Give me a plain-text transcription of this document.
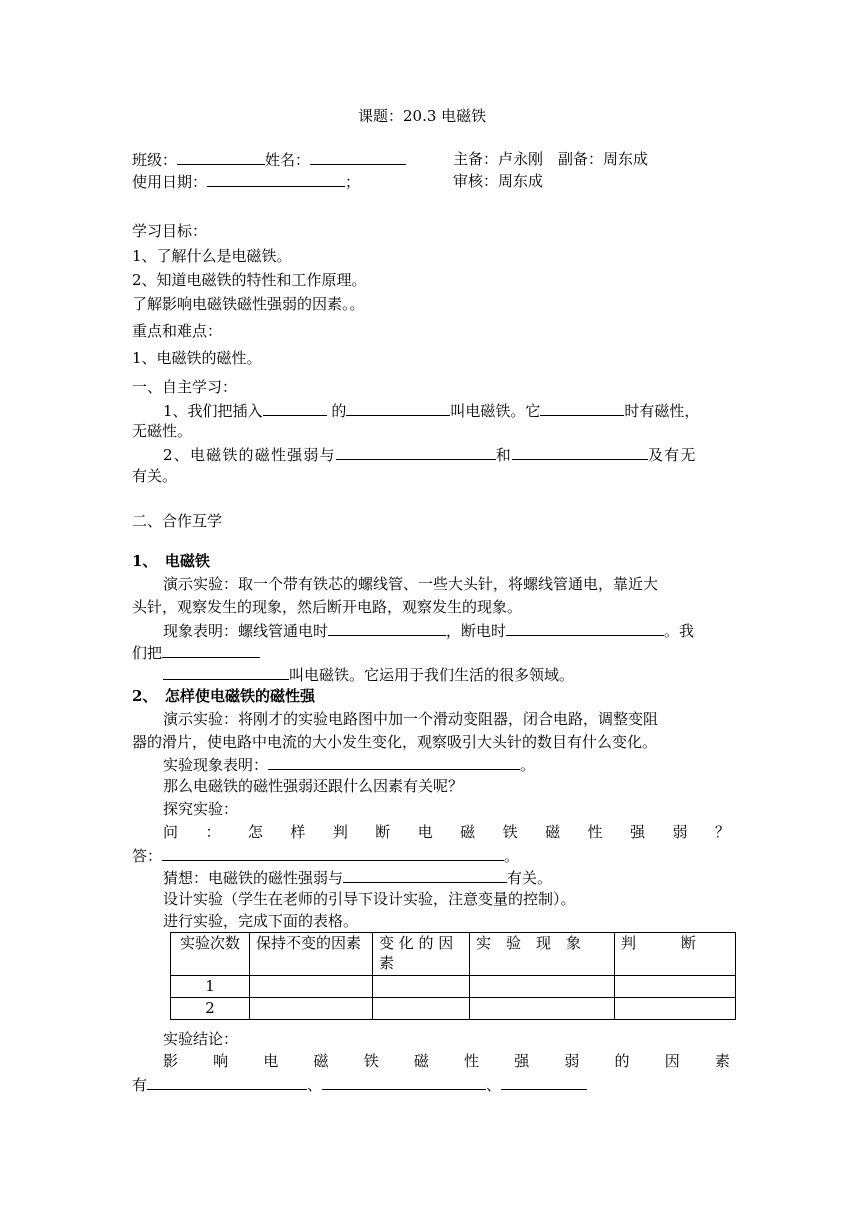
课题：20.3 电磁铁
班级：	姓名：	主备：卢永刚　副备：周东成
使用日期：	；	审核：周东成
学习目标：
1、了解什么是电磁铁。
2、知道电磁铁的特性和工作原理。
了解影响电磁铁磁性强弱的因素。。
重点和难点：
1、电磁铁的磁性。
一、自主学习：
1、我们把插入	的	叫电磁铁。它	时有磁性，
无磁性。
2、电磁铁的磁性强弱与	和	及有无
有关。
二、合作互学
1、　电磁铁
演示实验：取一个带有铁芯的螺线管、一些大头针，将螺线管通电，靠近大
头针，观察发生的现象，然后断开电路，观察发生的现象。
现象表明：螺线管通电时	，断电时	。我
们把
叫电磁铁。它运用于我们生活的很多领域。
2、　怎样使电磁铁的磁性强
演示实验：将刚才的实验电路图中加一个滑动变阻器，闭合电路，调整变阻
器的滑片，使电路中电流的大小发生变化，观察吸引大头针的数目有什么变化。
实验现象表明：	。
那么电磁铁的磁性强弱还跟什么因素有关呢？
探究实验：
问 ： 怎 样 判 断 电 磁 铁 磁 性 强 弱 ？
答：	。
猜想：电磁铁的磁性强弱与	有关。
设计实验（学生在老师的引导下设计实验，注意变量的控制）。
进行实验，完成下面的表格。
实验次数	保持不变的因素	变 化 的 因素	实　验　现　象	判　　　断
1				
2				
实验结论：
影 响 电 磁 铁 磁 性 强 弱 的 因 素
有	、	、
